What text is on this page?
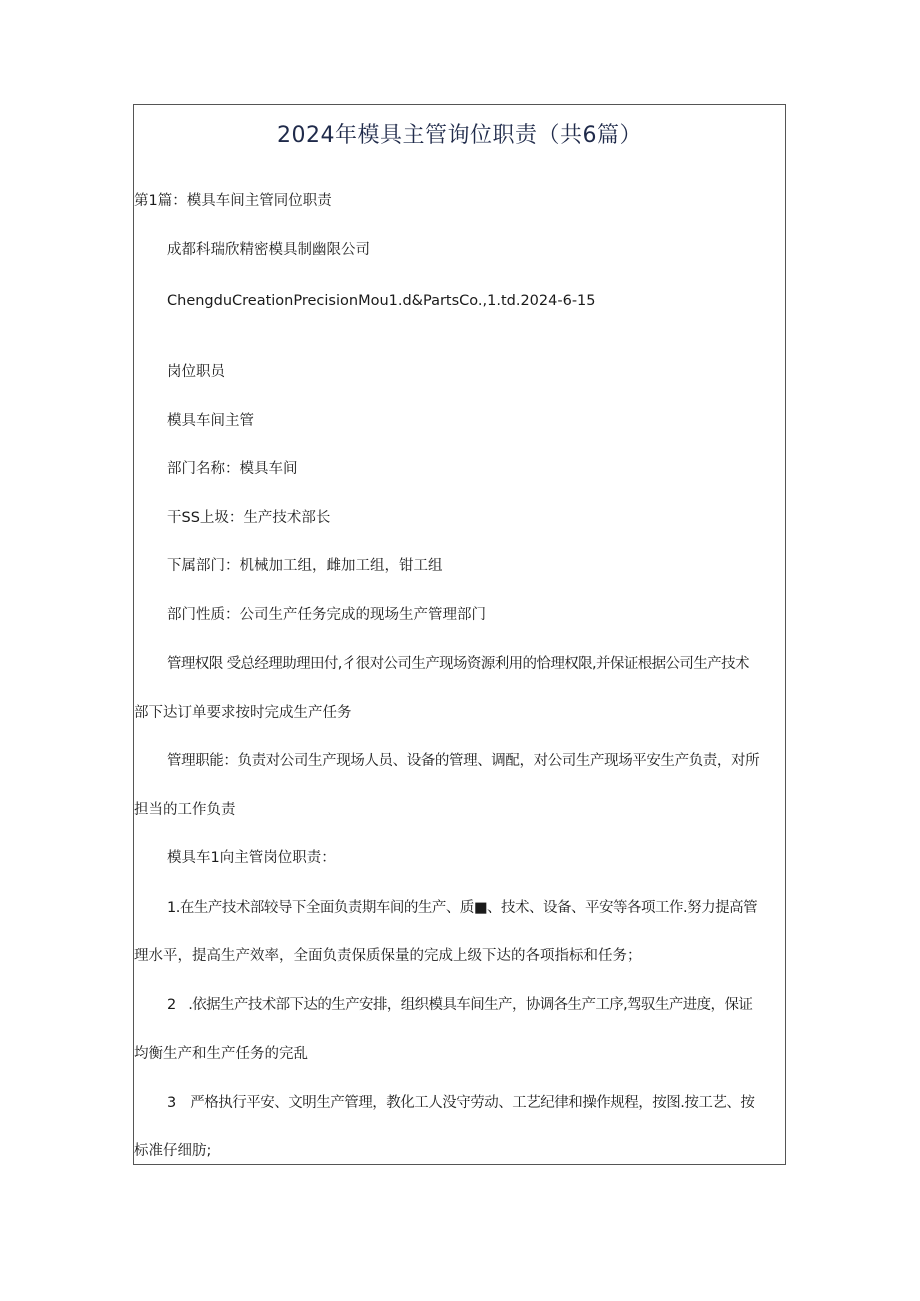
2024年模具主管询位职责（共6篇）
第1篇：模具车间主管同位职责
成都科瑞欣精密模具制幽限公司
ChengduCreationPrecisionMou1.d&PartsCo.,1.td.2024-6-15
岗位职员
模具车间主管
部门名称：模具车间
干SS上圾：生产技术部长
下属部门：机械加工组，雌加工组，钳工组
部门性质：公司生产任务完成的现场生产管理部门
管理权限 受总经理助理田付,彳很对公司生产现场资源利用的恰理权限,并保证根据公司生产技术
部下达订单要求按时完成生产任务
管理职能：负责对公司生产现场人员、设备的管理、调配，对公司生产现场平安生产负责，对所
担当的工作负责
模具车1向主管岗位职责：
1.在生产技术部较导下全面负责期车间的生产、质■、技术、设备、平安等各项工作.努力提高管
理水平，提高生产效率，全面负责保质保量的完成上级下达的各项指标和任务；
2 .依据生产技术部下达的生产安排，组织模具车间生产，协调各生产工序,驾驭生产进度，保证
均衡生产和生产任务的完乱
3 严格执行平安、文明生产管理，教化工人没守劳动、工艺纪律和操作规程，按图.按工艺、按
标准仔细肪;
